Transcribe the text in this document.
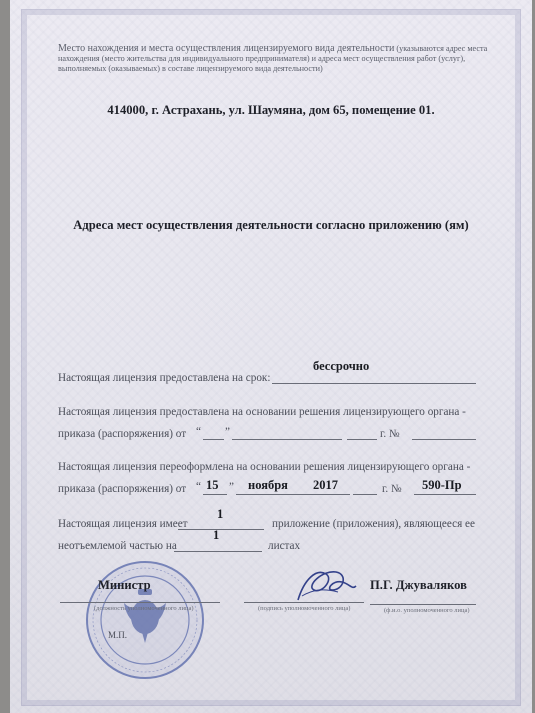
Место нахождения и места осуществления лицензируемого вида деятельности (указываются адрес места нахождения (место жительства для индивидуального предпринимателя) и адреса мест осуществления работ (услуг), выполняемых (оказываемых) в составе лицензируемого вида деятельности)
414000, г. Астрахань, ул. Шаумяна, дом 65, помещение 01.
Адреса мест осуществления деятельности согласно приложению (ям)
Настоящая лицензия предоставлена на срок:
бессрочно
Настоящая лицензия предоставлена на основании решения лицензирующего органа -
приказа (распоряжения) от “ ”	г. №
Настоящая лицензия переоформлена на основании решения лицензирующего органа -
приказа (распоряжения) от “ 15 ” ноября 2017	г. № 590-Пр
Настоящая лицензия имеет
1
приложение (приложения), являющееся ее
неотъемлемой частью на
1
листах
Министр
(должность уполномоченного лица)	(подпись уполномоченного лица)
П.Г. Джуваляков
(ф.и.о. уполномоченного лица)
М.П.
